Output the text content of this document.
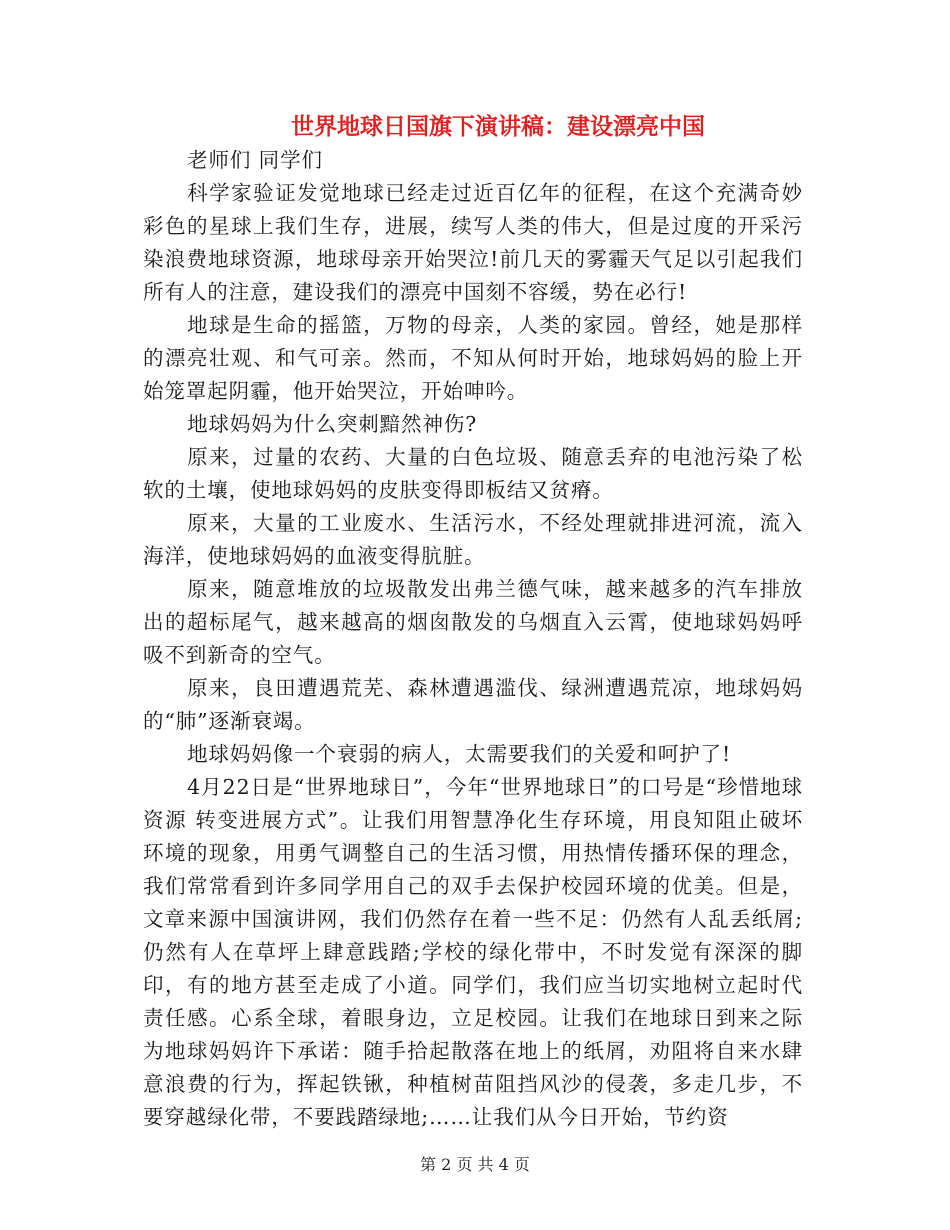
世界地球日国旗下演讲稿：建设漂亮中国

老师们 同学们

科学家验证发觉地球已经走过近百亿年的征程，在这个充满奇妙彩色的星球上我们生存，进展，续写人类的伟大，但是过度的开采污染浪费地球资源，地球母亲开始哭泣!前几天的雾霾天气足以引起我们所有人的注意，建设我们的漂亮中国刻不容缓，势在必行!

地球是生命的摇篮，万物的母亲，人类的家园。曾经，她是那样的漂亮壮观、和气可亲。然而，不知从何时开始，地球妈妈的脸上开始笼罩起阴霾，他开始哭泣，开始呻吟。

地球妈妈为什么突刺黯然神伤?

原来，过量的农药、大量的白色垃圾、随意丢弃的电池污染了松软的土壤，使地球妈妈的皮肤变得即板结又贫瘠。

原来，大量的工业废水、生活污水，不经处理就排进河流，流入海洋，使地球妈妈的血液变得肮脏。

原来，随意堆放的垃圾散发出弗兰德气味，越来越多的汽车排放出的超标尾气，越来越高的烟囱散发的乌烟直入云霄，使地球妈妈呼吸不到新奇的空气。

原来，良田遭遇荒芜、森林遭遇滥伐、绿洲遭遇荒凉，地球妈妈的“肺”逐渐衰竭。

地球妈妈像一个衰弱的病人，太需要我们的关爱和呵护了!

4月22日是“世界地球日”，今年“世界地球日”的口号是“珍惜地球资源 转变进展方式”。让我们用智慧净化生存环境，用良知阻止破坏环境的现象，用勇气调整自己的生活习惯，用热情传播环保的理念，我们常常看到许多同学用自己的双手去保护校园环境的优美。但是，文章来源中国演讲网，我们仍然存在着一些不足：仍然有人乱丢纸屑;仍然有人在草坪上肆意践踏;学校的绿化带中，不时发觉有深深的脚印，有的地方甚至走成了小道。同学们，我们应当切实地树立起时代责任感。心系全球，着眼身边，立足校园。让我们在地球日到来之际为地球妈妈许下承诺：随手拾起散落在地上的纸屑，劝阻将自来水肆意浪费的行为，挥起铁锹，种植树苗阻挡风沙的侵袭，多走几步，不要穿越绿化带，不要践踏绿地;……让我们从今日开始，节约资

第 2 页 共 4 页
